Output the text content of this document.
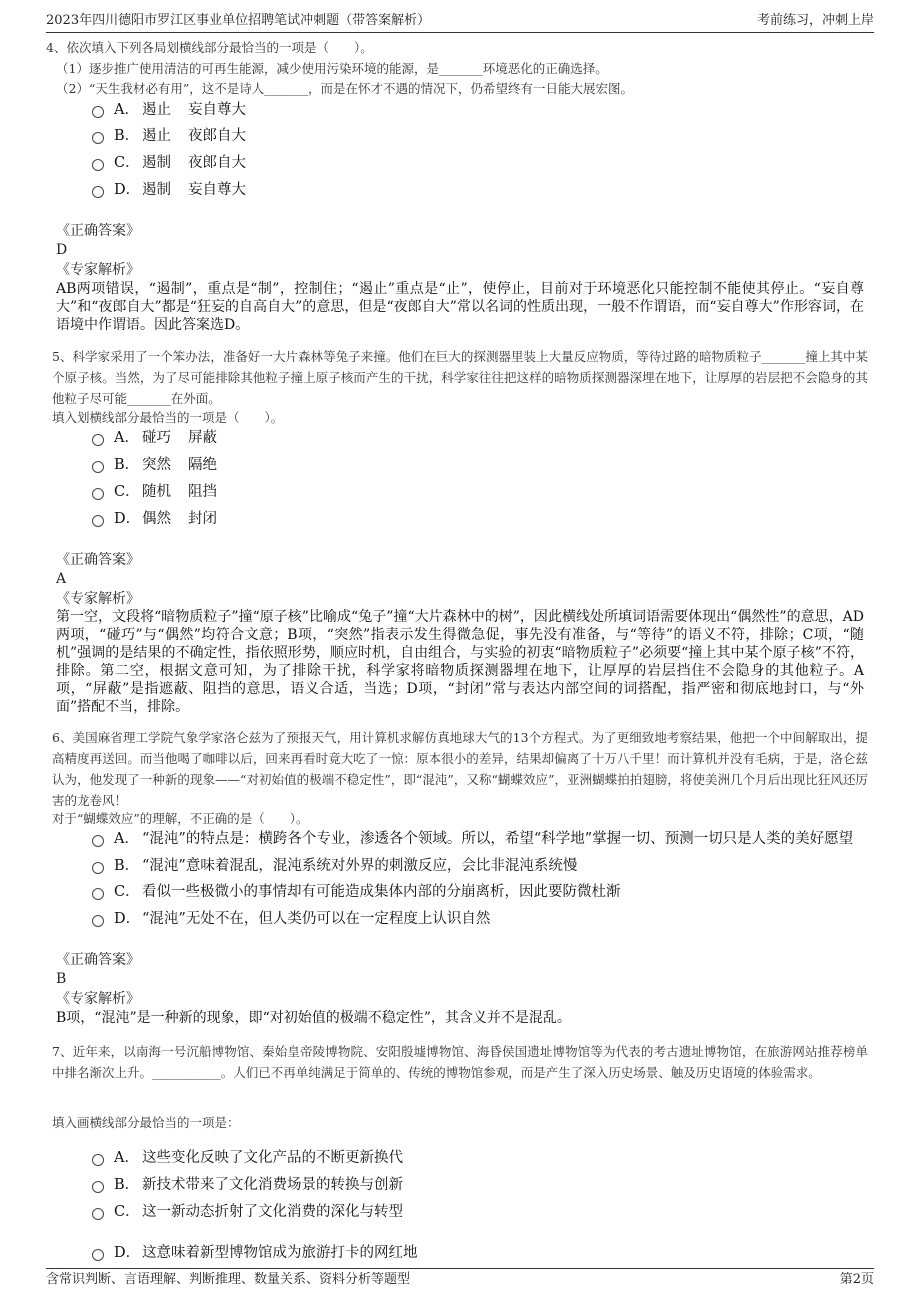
2023年四川德阳市罗江区事业单位招聘笔试冲刺题（带答案解析）	考前练习，冲刺上岸
4、依次填入下列各局划横线部分最恰当的一项是（　　）。
（1）逐步推广使用清洁的可再生能源，减少使用污染环境的能源，是_______环境恶化的正确选择。
（2）“天生我材必有用”，这不是诗人_______，而是在怀才不遇的情况下，仍希望终有一日能大展宏图。
A． 遏止 妄自尊大
B． 遏止 夜郎自大
C． 遏制 夜郎自大
D． 遏制 妄自尊大
《正确答案》
D
《专家解析》
AB两项错误，“遏制”，重点是“制”，控制住；“遏止”重点是“止”，使停止，目前对于环境恶化只能控制不能使其停止。“妄自尊大”和“夜郎自大”都是“狂妄的自高自大”的意思，但是“夜郎自大”常以名词的性质出现，一般不作谓语，而“妄自尊大”作形容词，在语境中作谓语。因此答案选D。
5、科学家采用了一个笨办法，准备好一大片森林等兔子来撞。他们在巨大的探测器里装上大量反应物质，等待过路的暗物质粒子_______撞上其中某个原子核。当然，为了尽可能排除其他粒子撞上原子核而产生的干扰，科学家往往把这样的暗物质探测器深埋在地下，让厚厚的岩层把不会隐身的其他粒子尽可能_______在外面。
填入划横线部分最恰当的一项是（　　）。
A． 碰巧 屏蔽
B． 突然 隔绝
C． 随机 阻挡
D． 偶然 封闭
《正确答案》
A
《专家解析》
第一空，文段将“暗物质粒子”撞“原子核”比喻成“兔子”撞“大片森林中的树”，因此横线处所填词语需要体现出“偶然性”的意思，AD两项，“碰巧”与“偶然”均符合文意；B项，“突然”指表示发生得微急促，事先没有准备，与“等待”的语义不符，排除；C项，“随机”强调的是结果的不确定性，指依照形势，顺应时机，自由组合，与实验的初衷“暗物质粒子”必须要“撞上其中某个原子核”不符，排除。第二空，根据文意可知，为了排除干扰，科学家将暗物质探测器埋在地下，让厚厚的岩层挡住不会隐身的其他粒子。A项，“屏蔽”是指遮蔽、阻挡的意思，语义合适，当选；D项，“封闭”常与表达内部空间的词搭配，指严密和彻底地封口，与“外面”搭配不当，排除。
6、美国麻省理工学院气象学家洛仑兹为了预报天气，用计算机求解仿真地球大气的13个方程式。为了更细致地考察结果，他把一个中间解取出，提高精度再送回。而当他喝了咖啡以后，回来再看时竟大吃了一惊：原本很小的差异，结果却偏离了十万八千里！而计算机并没有毛病，于是，洛仑兹认为，他发现了一种新的现象——“对初始值的极端不稳定性”，即“混沌”，又称“蝴蝶效应”，亚洲蝴蝶拍拍翅膀，将使美洲几个月后出现比狂风还厉害的龙卷风！
对于“蝴蝶效应”的理解，不正确的是（　　）。
A． “混沌”的特点是：横跨各个专业，渗透各个领域。所以，希望“科学地”掌握一切、预测一切只是人类的美好愿望
B． “混沌”意味着混乱，混沌系统对外界的刺激反应，会比非混沌系统慢
C． 看似一些极微小的事情却有可能造成集体内部的分崩离析，因此要防微杜渐
D． “混沌”无处不在，但人类仍可以在一定程度上认识自然
《正确答案》
B
《专家解析》
B项，“混沌”是一种新的现象，即“对初始值的极端不稳定性”，其含义并不是混乱。
7、近年来，以南海一号沉船博物馆、秦始皇帝陵博物院、安阳殷墟博物馆、海昏侯国遗址博物馆等为代表的考古遗址博物馆，在旅游网站推荐榜单中排名渐次上升。___________。人们已不再单纯满足于简单的、传统的博物馆参观，而是产生了深入历史场景、触及历史语境的体验需求。
填入画横线部分最恰当的一项是：
A． 这些变化反映了文化产品的不断更新换代
B． 新技术带来了文化消费场景的转换与创新
C． 这一新动态折射了文化消费的深化与转型
D． 这意味着新型博物馆成为旅游打卡的网红地
含常识判断、言语理解、判断推理、数量关系、资料分析等题型	第2页
